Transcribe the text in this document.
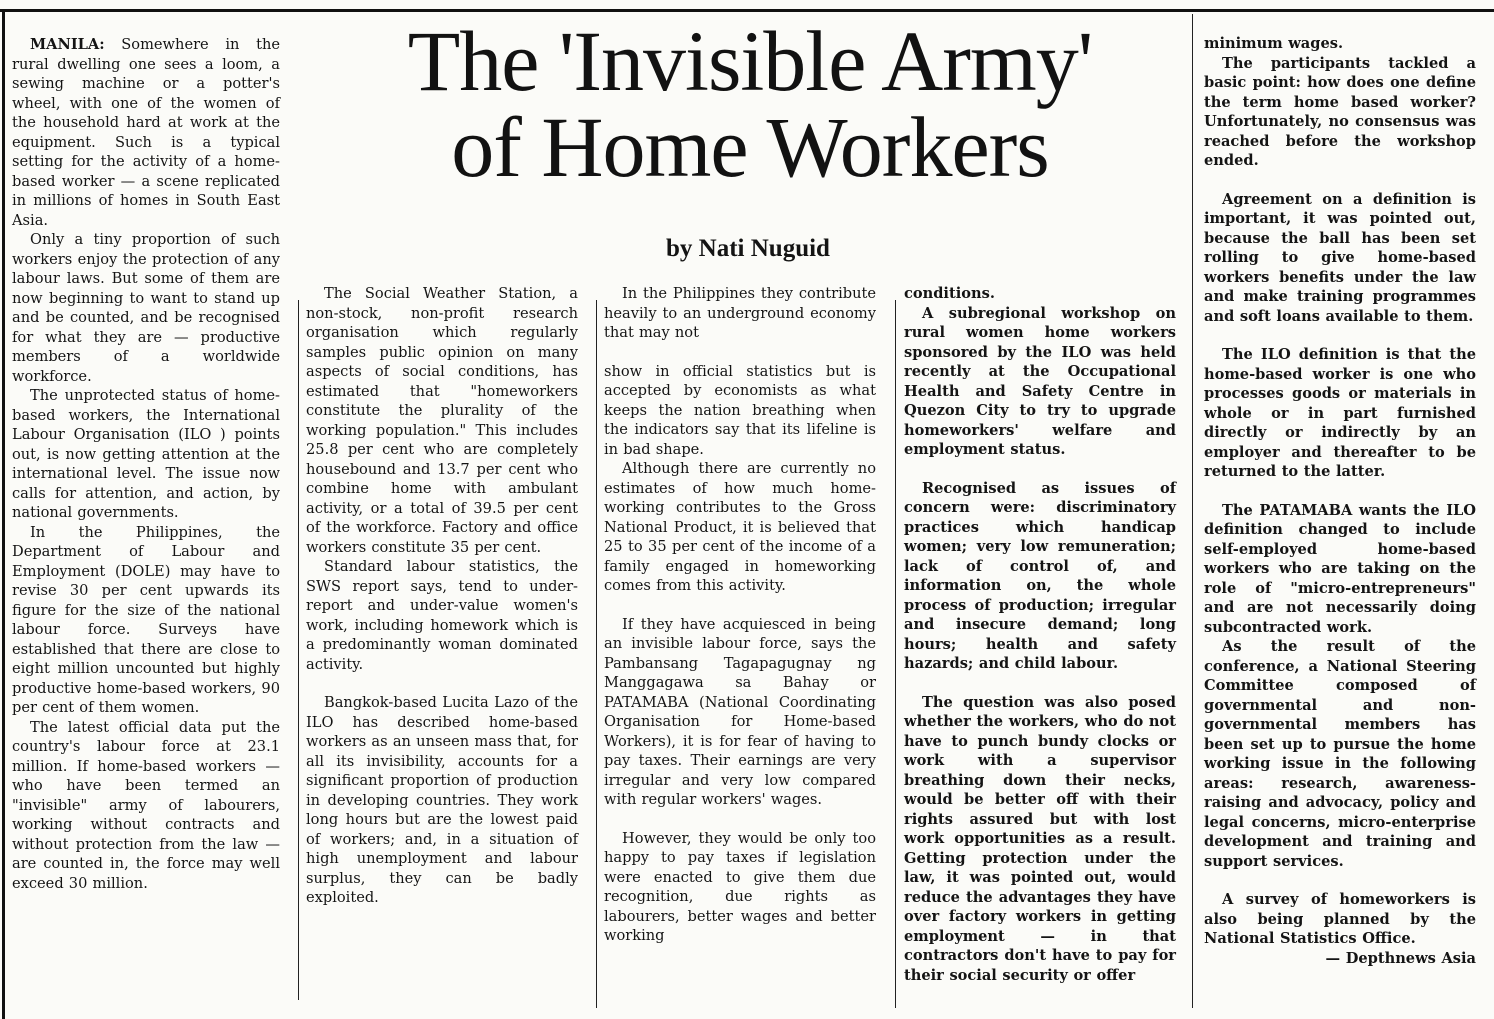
The 'Invisible Army'
of Home Workers
by Nati Nuguid

MANILA: Somewhere in the rural dwelling one sees a loom, a sewing machine or a potter's wheel, with one of the women of the household hard at work at the equipment. Such is a typical setting for the activity of a home-based worker — a scene replicated in millions of homes in South East Asia.

Only a tiny proportion of such workers enjoy the protection of any labour laws. But some of them are now beginning to want to stand up and be counted, and be recognised for what they are — productive members of a worldwide workforce.

The unprotected status of home-based workers, the International Labour Organisation (ILO ) points out, is now getting attention at the international level. The issue now calls for attention, and action, by national governments.

In the Philippines, the Department of Labour and Employment (DOLE) may have to revise 30 per cent upwards its figure for the size of the national labour force. Surveys have established that there are close to eight million uncounted but highly productive home-based workers, 90 per cent of them women.

The latest official data put the country's labour force at 23.1 million. If home-based workers — who have been termed an "invisible" army of labourers, working without contracts and without protection from the law — are counted in, the force may well exceed 30 million.

The Social Weather Station, a non-stock, non-profit research organisation which regularly samples public opinion on many aspects of social conditions, has estimated that "homeworkers constitute the plurality of the working population." This includes 25.8 per cent who are completely housebound and 13.7 per cent who combine home with ambulant activity, or a total of 39.5 per cent of the workforce. Factory and office workers constitute 35 per cent.

Standard labour statistics, the SWS report says, tend to under-report and under-value women's work, including homework which is a predominantly woman dominated activity.

Bangkok-based Lucita Lazo of the ILO has described home-based workers as an unseen mass that, for all its invisibility, accounts for a significant proportion of production in developing countries. They work long hours but are the lowest paid of workers; and, in a situation of high unemployment and labour surplus, they can be badly exploited.

In the Philippines they contribute heavily to an underground economy that may not

show in official statistics but is accepted by economists as what keeps the nation breathing when the indicators say that its lifeline is in bad shape.

Although there are currently no estimates of how much home-working contributes to the Gross National Product, it is believed that 25 to 35 per cent of the income of a family engaged in homeworking comes from this activity.

If they have acquiesced in being an invisible labour force, says the Pambansang Tagapagugnay ng Manggagawa sa Bahay or PATAMABA (National Coordinating Organisation for Home-based Workers), it is for fear of having to pay taxes. Their earnings are very irregular and very low compared with regular workers' wages.

However, they would be only too happy to pay taxes if legislation were enacted to give them due recognition, due rights as labourers, better wages and better working

conditions.

A subregional workshop on rural women home workers sponsored by the ILO was held recently at the Occupational Health and Safety Centre in Quezon City to try to upgrade homeworkers' welfare and employment status.

Recognised as issues of concern were: discriminatory practices which handicap women; very low remuneration; lack of control of, and information on, the whole process of production; irregular and insecure demand; long hours; health and safety hazards; and child labour.

The question was also posed whether the workers, who do not have to punch bundy clocks or work with a supervisor breathing down their necks, would be better off with their rights assured but with lost work opportunities as a result. Getting protection under the law, it was pointed out, would reduce the advantages they have over factory workers in getting employment — in that contractors don't have to pay for their social security or offer

minimum wages.

The participants tackled a basic point: how does one define the term home based worker? Unfortunately, no consensus was reached before the workshop ended.

Agreement on a definition is important, it was pointed out, because the ball has been set rolling to give home-based workers benefits under the law and make training programmes and soft loans available to them.

The ILO definition is that the home-based worker is one who processes goods or materials in whole or in part furnished directly or indirectly by an employer and thereafter to be returned to the latter.

The PATAMABA wants the ILO definition changed to include self-employed home-based workers who are taking on the role of "micro-entrepreneurs" and are not necessarily doing subcontracted work.

As the result of the conference, a National Steering Committee composed of governmental and non-governmental members has been set up to pursue the home working issue in the following areas: research, awareness-raising and advocacy, policy and legal concerns, micro-enterprise development and training and support services.

A survey of homeworkers is also being planned by the National Statistics Office.

— Depthnews Asia
